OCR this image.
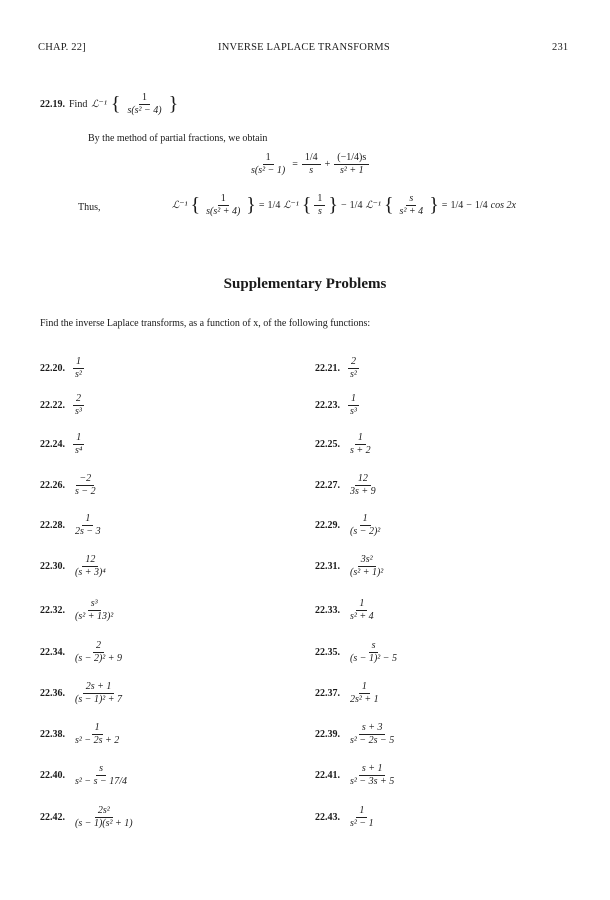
CHAP. 22]	INVERSE LAPLACE TRANSFORMS	231
22.19. Find ℒ⁻¹ { $\frac{1}{\text{s(s² − 4)}}$ }
By the method of partial fractions, we obtain
$\frac{1}{\text{s(s² − 1)}} = \frac{1/4}{s} + \frac{(-1/4)s}{\text{s² + 1}}$
Thus,	ℒ⁻¹ { $\frac{1}{\text{s(s² + 4)}}$ } = 1/4 ℒ⁻¹ { $\frac{1}{s}$ } − 1/4 ℒ⁻¹ { $\frac{s}{\text{s² + 4}}$ } = 1/4 − 1/4 cos 2x
Supplementary Problems
Find the inverse Laplace transforms, as a function of x, of the following functions:
22.20. $\frac{1}{\text{s²}}$	22.21. $\frac{2}{\text{s²}}$
22.22. $\frac{2}{\text{s³}}$	22.23. $\frac{1}{\text{s³}}$
22.24. $\frac{1}{\text{s⁴}}$	22.25. $\frac{1}{s + 2}$
22.26. $\frac{-2}{s - 2}$	22.27. $\frac{12}{3s + 9}$
22.28. $\frac{1}{2s - 3}$	22.29. $\frac{1}{\text{(s − 2)²}}$
22.30. $\frac{12}{\text{(s + 3)⁴}}$	22.31. $\frac{\text{3s²}}{\text{(s² + 1)²}}$
22.32. $\frac{\text{s³}}{\text{(s² + 13)²}}$	22.33. $\frac{1}{\text{s² + 4}}$
22.34. $\frac{2}{\text{(s − 2)² + 9}}$	22.35. $\frac{s}{\text{(s − 1)² − 5}}$
22.36. $\frac{2s + 1}{\text{(s − 1)² + 7}}$	22.37. $\frac{1}{\text{2s² + 1}}$
22.38. $\frac{1}{\text{s² − 2s + 2}}$	22.39. $\frac{s + 3}{\text{s² − 2s − 5}}$
22.40. $\frac{s}{\text{s² − s − 17/4}}$	22.41. $\frac{s + 1}{\text{s² − 3s + 5}}$
22.42. $\frac{\text{2s²}}{\text{(s − 1)(s² + 1)}}$	22.43. $\frac{1}{\text{s² − 1}}$
